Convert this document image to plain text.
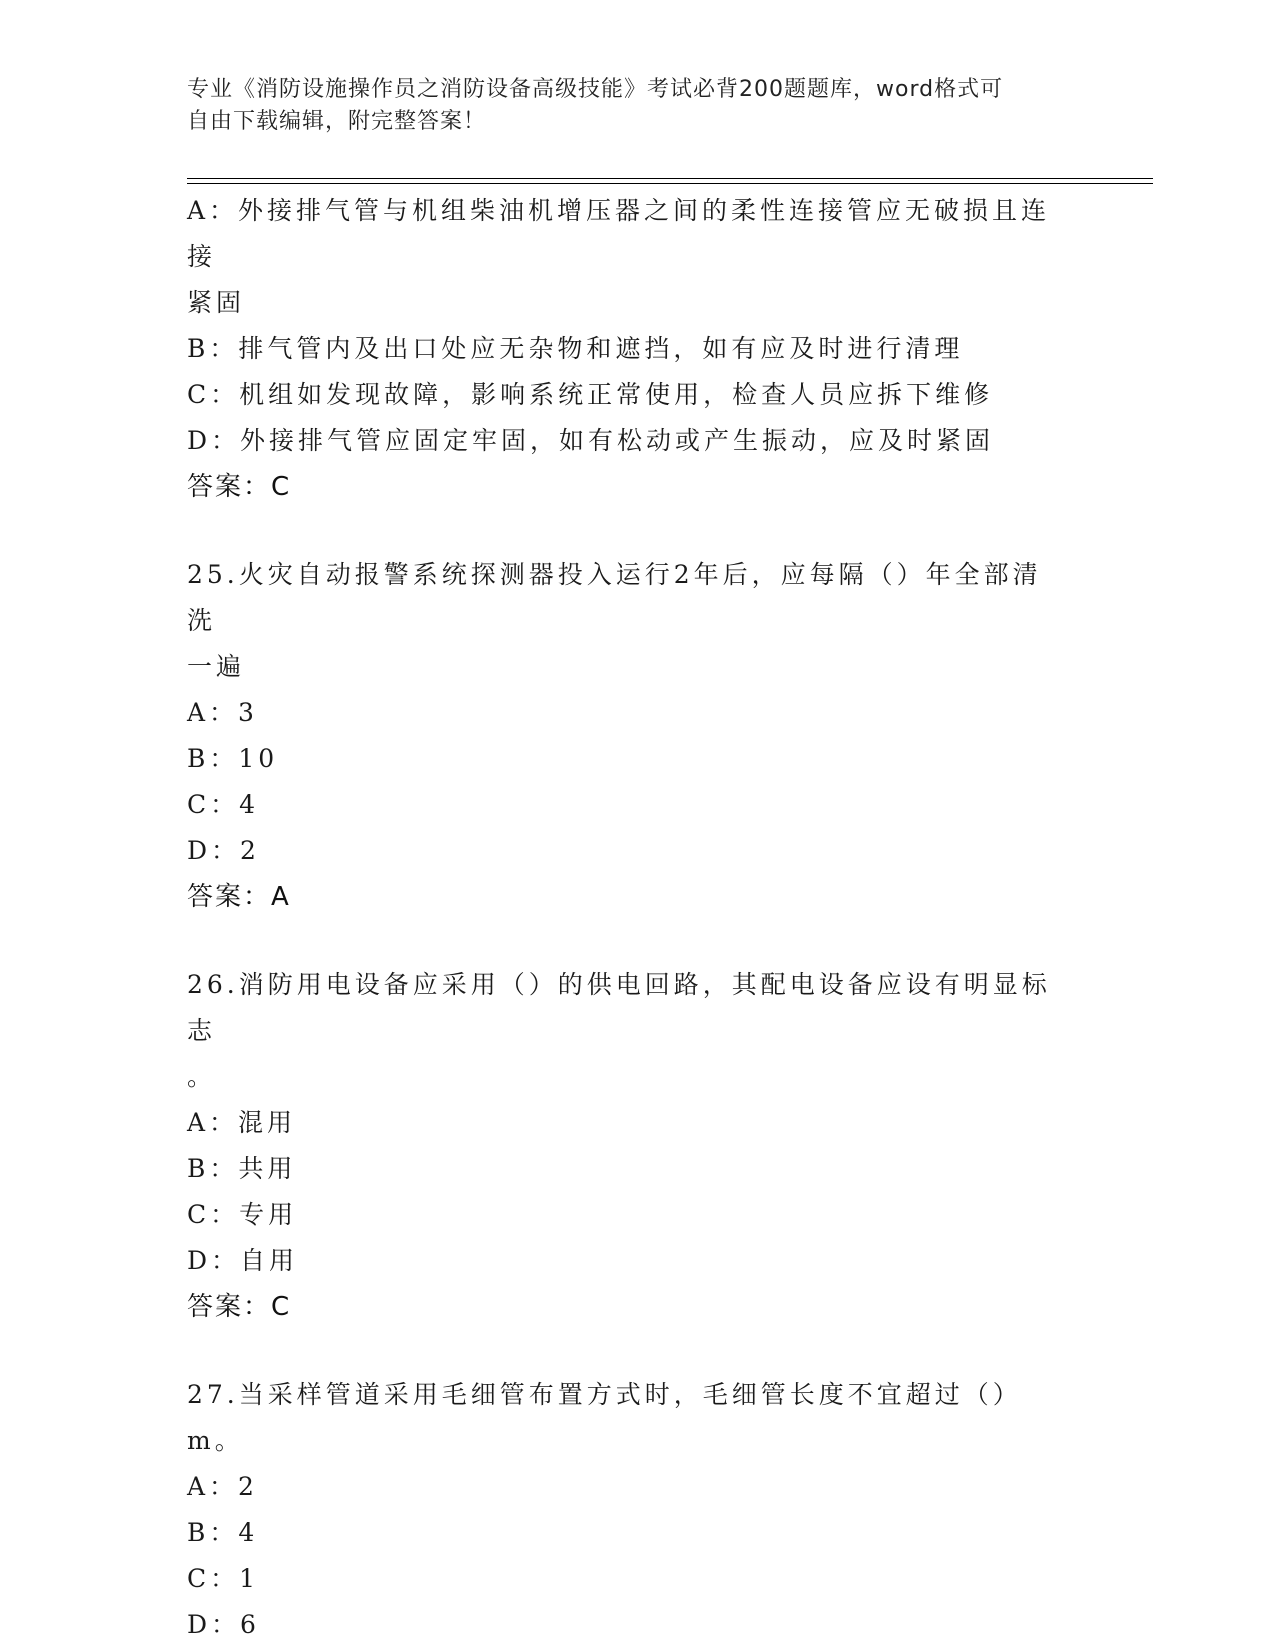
专业《消防设施操作员之消防设备高级技能》考试必背200题题库，word格式可
自由下载编辑，附完整答案！
A：外接排气管与机组柴油机增压器之间的柔性连接管应无破损且连接
紧固
B：排气管内及出口处应无杂物和遮挡，如有应及时进行清理
C：机组如发现故障，影响系统正常使用，检查人员应拆下维修
D：外接排气管应固定牢固，如有松动或产生振动，应及时紧固
答案：C
25.火灾自动报警系统探测器投入运行2年后，应每隔（）年全部清洗
一遍
A：3
B：10
C：4
D：2
答案：A
26.消防用电设备应采用（）的供电回路，其配电设备应设有明显标志
。
A：混用
B：共用
C：专用
D：自用
答案：C
27.当采样管道采用毛细管布置方式时，毛细管长度不宜超过（）m。
A：2
B：4
C：1
D：6
